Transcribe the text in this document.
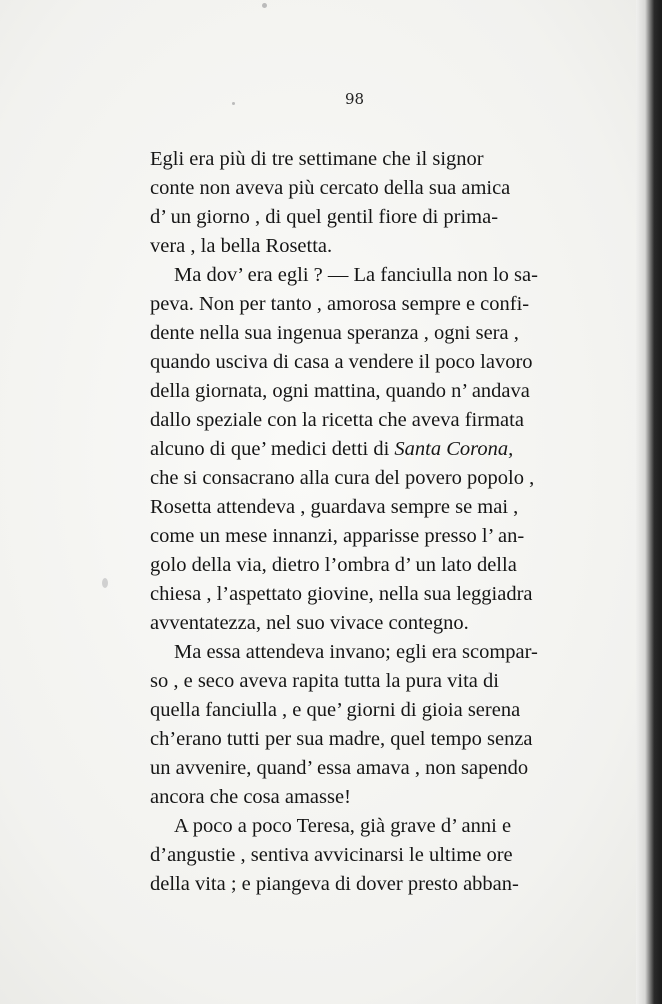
98
Egli era più di tre settimane che il signor
conte non aveva più cercato della sua amica
d’ un giorno , di quel gentil fiore di prima-
vera , la bella Rosetta.
Ma dov’ era egli ? — La fanciulla non lo sa-
peva. Non per tanto , amorosa sempre e confi-
dente nella sua ingenua speranza , ogni sera ,
quando usciva di casa a vendere il poco lavoro
della giornata, ogni mattina, quando n’ andava
dallo speziale con la ricetta che aveva firmata
alcuno di que’ medici detti di Santa Corona,
che si consacrano alla cura del povero popolo ,
Rosetta attendeva , guardava sempre se mai ,
come un mese innanzi, apparisse presso l’ an-
golo della via, dietro l’ombra d’ un lato della
chiesa , l’aspettato giovine, nella sua leggiadra
avventatezza, nel suo vivace contegno.
Ma essa attendeva invano; egli era scompar-
so , e seco aveva rapita tutta la pura vita di
quella fanciulla , e que’ giorni di gioia serena
ch’erano tutti per sua madre, quel tempo senza
un avvenire, quand’ essa amava , non sapendo
ancora che cosa amasse!
A poco a poco Teresa, già grave d’ anni e
d’angustie , sentiva avvicinarsi le ultime ore
della vita ; e piangeva di dover presto abban-
